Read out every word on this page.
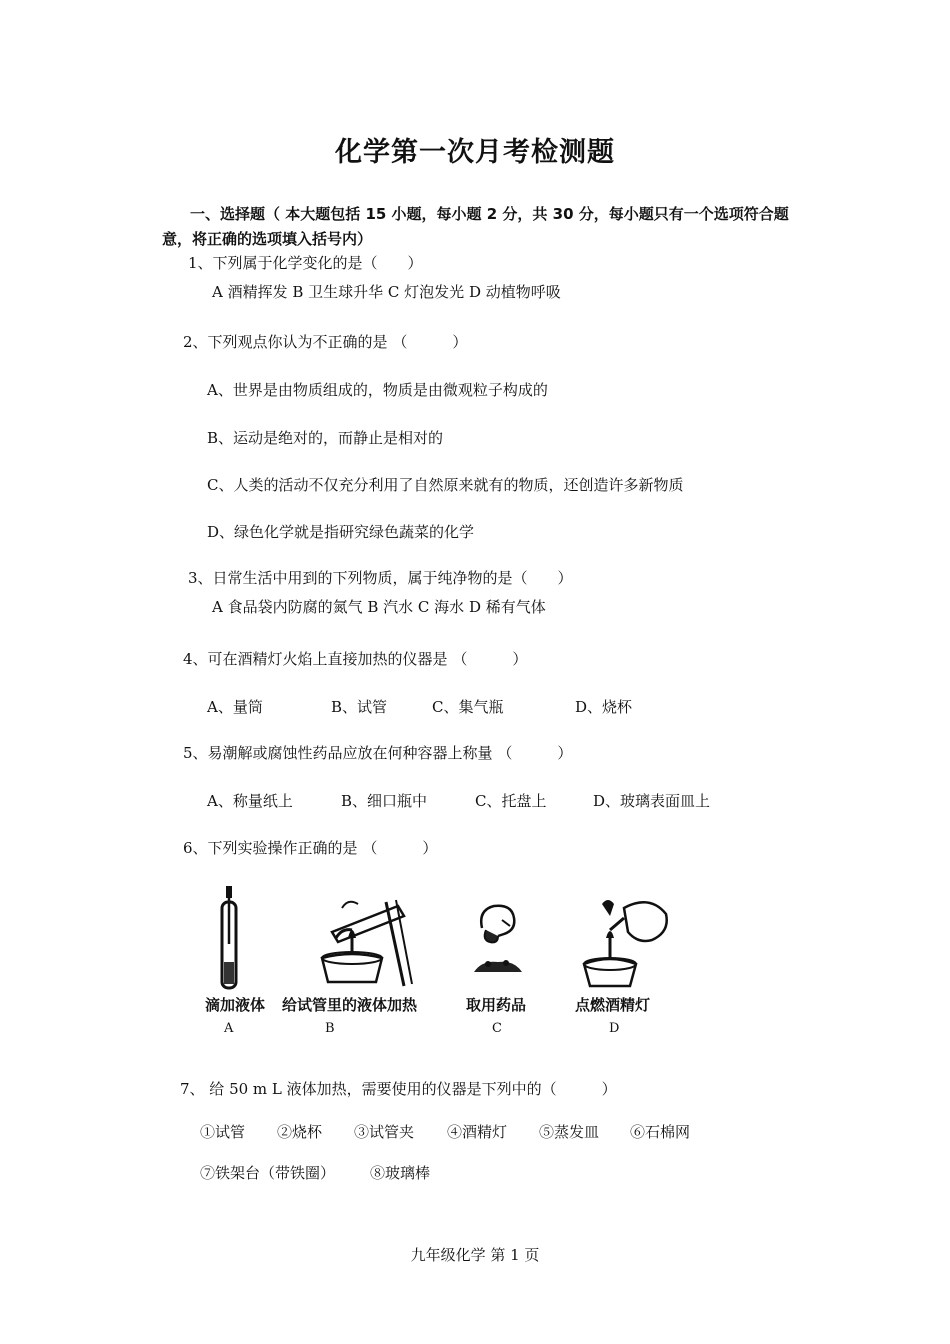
化学第一次月考检测题
一、选择题（ 本大题包括 15 小题，每小题 2 分，共 30 分，每小题只有一个选项符合题
意，将正确的选项填入括号内）
1、下列属于化学变化的是（　　）
A 酒精挥发 B 卫生球升华 C 灯泡发光 D 动植物呼吸
2、下列观点你认为不正确的是 （　　　）
A、世界是由物质组成的，物质是由微观粒子构成的
B、运动是绝对的，而静止是相对的
C、人类的活动不仅充分利用了自然原来就有的物质，还创造许多新物质
D、绿色化学就是指研究绿色蔬菜的化学
3、日常生活中用到的下列物质，属于纯净物的是（　　）
A 食品袋内防腐的氮气 B 汽水 C 海水 D 稀有气体
4、可在酒精灯火焰上直接加热的仪器是 （　　　）
A、量筒	B、试管	C、集气瓶	D、烧杯
5、易潮解或腐蚀性药品应放在何种容器上称量 （　　　）
A、称量纸上	B、细口瓶中	C、托盘上	D、玻璃表面皿上
6、下列实验操作正确的是 （　　　）
滴加液体
A
给试管里的液体加热
B
取用药品
C
点燃酒精灯
D
7、 给 50 m L 液体加热，需要使用的仪器是下列中的（　　　）
①试管 ②烧杯 ③试管夹 ④酒精灯 ⑤蒸发皿 ⑥石棉网
⑦铁架台（带铁圈） ⑧玻璃棒
九年级化学 第 1 页
